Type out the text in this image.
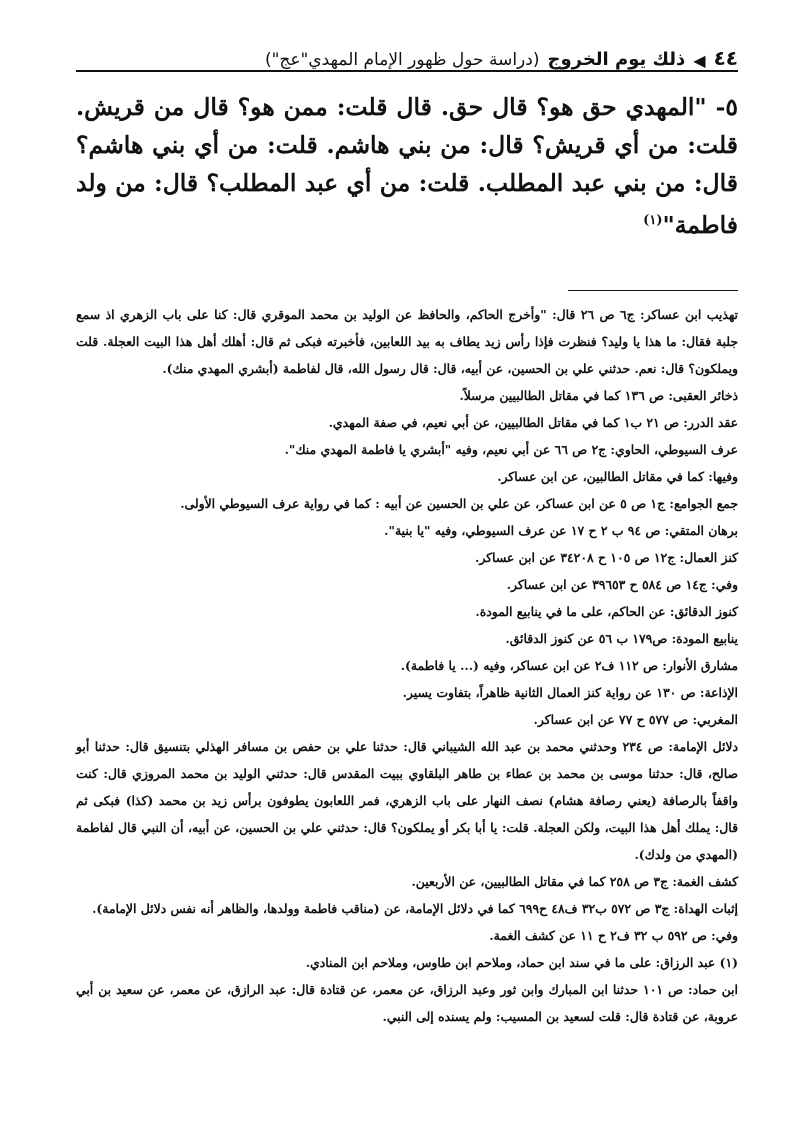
٤٤
◀
ذلك يوم الخروج
(دراسة حول ظهور الإمام المهدي"عج")
٥- "المهدي حق هو؟ قال حق. قال قلت: ممن هو؟ قال من قريش. قلت: من أي قريش؟ قال: من بني هاشم. قلت: من أي بني هاشم؟ قال: من بني عبد المطلب. قلت: من أي عبد المطلب؟ قال: من ولد فاطمة"$^{(١)}$

تهذيب ابن عساكر: ج٦ ص ٢٦ قال: "وأخرج الحاكم، والحافظ عن الوليد بن محمد الموقري قال: كنا على باب الزهري اذ سمع جلبة فقال: ما هذا يا وليد؟ فنظرت فإذا رأس زيد يطاف به بيد اللعابين، فأخبرته فبكى ثم قال: أهلك أهل هذا البيت العجلة. قلت ويملكون؟ قال: نعم. حدثني علي بن الحسين، عن أبيه، قال: قال رسول الله، قال لفاطمة (أبشري المهدي منك).

ذخائر العقبى: ص ١٣٦ كما في مقاتل الطالبيين مرسلاً.

عقد الدرر: ص ٢١ ب١ كما في مقاتل الطالبيين، عن أبي نعيم، في صفة المهدي.

عرف السيوطي، الحاوي: ج٢ ص ٦٦ عن أبي نعيم، وفيه "أبشري يا فاطمة المهدي منك".

وفيها: كما في مقاتل الطالبين، عن ابن عساكر.

جمع الجوامع: ج١ ص ٥ عن ابن عساكر، عن علي بن الحسين عن أبيه : كما في رواية عرف السيوطي الأولى.

برهان المتقي: ص ٩٤ ب ٢ ح ١٧ عن عرف السيوطي، وفيه "يا بنية".

كنز العمال: ج١٢ ص ١٠٥ ح ٣٤٢٠٨ عن ابن عساكر.

وفي: ج١٤ ص ٥٨٤ ح ٣٩٦٥٣ عن ابن عساكر.

كنوز الدقائق: عن الحاكم، على ما في ينابيع المودة.

ينابيع المودة: ص١٧٩ ب ٥٦ عن كنوز الدقائق.

مشارق الأنوار: ص ١١٢ ف٢ عن ابن عساكر، وفيه (... يا فاطمة).

الإذاعة: ص ١٣٠ عن رواية كنز العمال الثانية ظاهراً، بتفاوت يسير.

المغربي: ص ٥٧٧ ح ٧٧ عن ابن عساكر.

دلائل الإمامة: ص ٢٣٤ وحدثني محمد بن عبد الله الشيباني قال: حدثنا علي بن حفص بن مسافر الهذلي بتنسيق قال: حدثنا أبو صالح، قال: حدثنا موسى بن محمد بن عطاء بن طاهر البلقاوي ببيت المقدس قال: حدثني الوليد بن محمد المروزي قال: كنت واقفاً بالرصافة (يعني رصافة هشام) نصف النهار على باب الزهري، فمر اللعابون يطوفون برأس زيد بن محمد (كذا) فبكى ثم قال: يملك أهل هذا البيت، ولكن العجلة. قلت: يا أبا بكر أو يملكون؟ قال: حدثني علي بن الحسين، عن أبيه، أن النبي قال لفاطمة (المهدي من ولدك).

كشف الغمة: ج٣ ص ٢٥٨ كما في مقاتل الطالبيين، عن الأربعين.

إثبات الهداة: ج٣ ص ٥٧٢ ب٣٢ ف٤٨ ح٦٩٩ كما في دلائل الإمامة، عن (مناقب فاطمة وولدها، والظاهر أنه نفس دلائل الإمامة).

وفي: ص ٥٩٢ ب ٣٢ ف٢ ح ١١ عن كشف الغمة.

(١) عبد الرزاق: على ما في سند ابن حماد، وملاحم ابن طاوس، وملاحم ابن المنادي.

ابن حماد: ص ١٠١ حدثنا ابن المبارك وابن ثور وعبد الرزاق، عن معمر، عن قتادة قال: عبد الرازق، عن معمر، عن سعيد بن أبي عروبة، عن قتادة قال: قلت لسعيد بن المسيب: ولم يسنده إلى النبي.
